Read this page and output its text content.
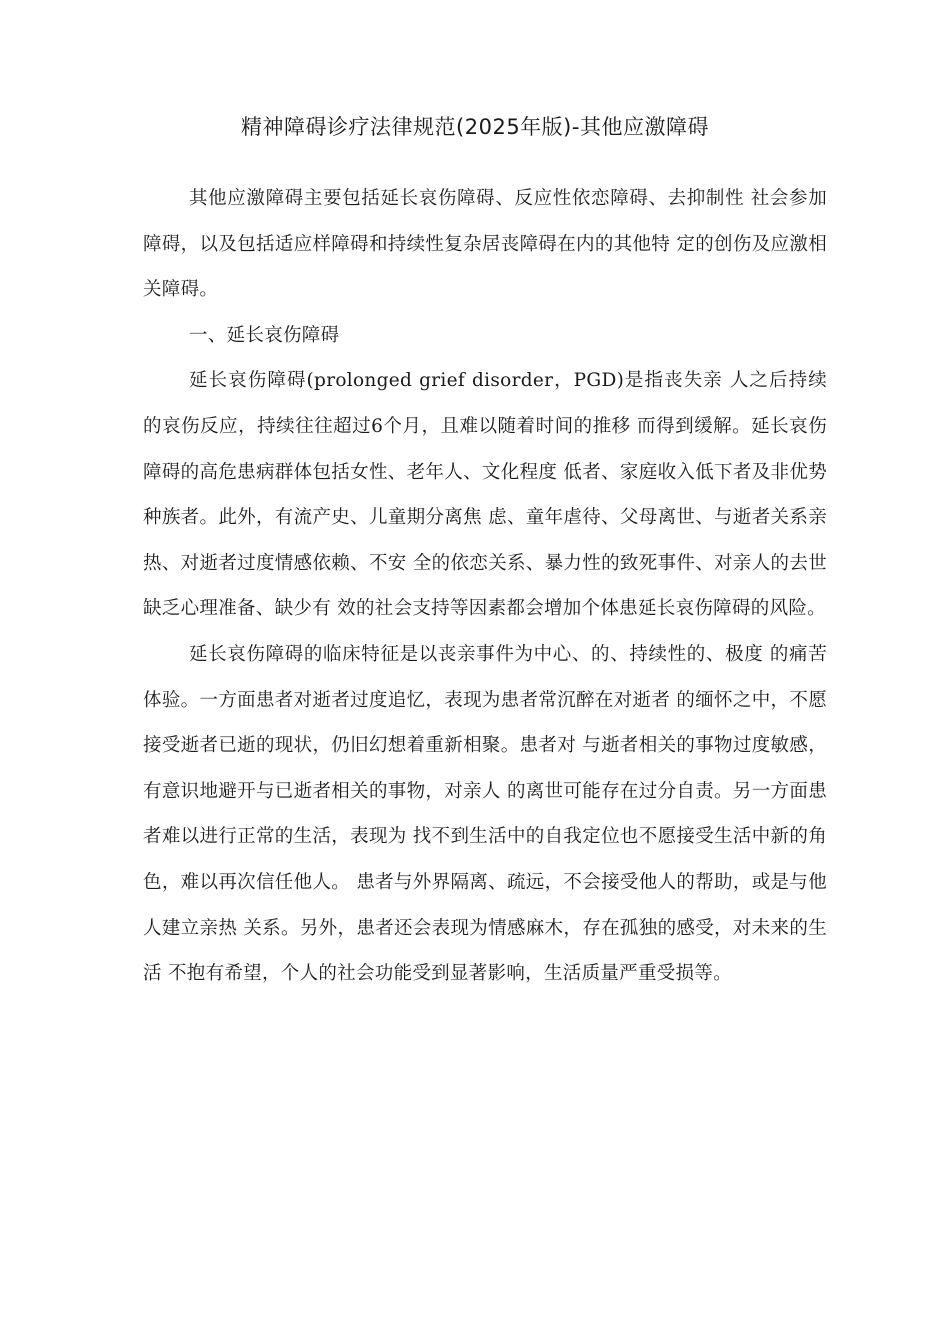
精神障碍诊疗法律规范(2025年版)-其他应激障碍

其他应激障碍主要包括延长哀伤障碍、反应性依恋障碍、去抑制性 社会参加障碍，以及包括适应样障碍和持续性复杂居丧障碍在内的其他特 定的创伤及应激相关障碍。

一、延长哀伤障碍

延长哀伤障碍(prolonged grief disorder，PGD)是指丧失亲 人之后持续的哀伤反应，持续往往超过6个月，且难以随着时间的推移 而得到缓解。延长哀伤障碍的高危患病群体包括女性、老年人、文化程度 低者、家庭收入低下者及非优势种族者。此外，有流产史、儿童期分离焦 虑、童年虐待、父母离世、与逝者关系亲热、对逝者过度情感依赖、不安 全的依恋关系、暴力性的致死事件、对亲人的去世缺乏心理准备、缺少有 效的社会支持等因素都会增加个体患延长哀伤障碍的风险。

延长哀伤障碍的临床特征是以丧亲事件为中心、的、持续性的、极度 的痛苦体验。一方面患者对逝者过度追忆，表现为患者常沉醉在对逝者 的缅怀之中，不愿接受逝者已逝的现状，仍旧幻想着重新相聚。患者对 与逝者相关的事物过度敏感，有意识地避开与已逝者相关的事物，对亲人 的离世可能存在过分自责。另一方面患者难以进行正常的生活，表现为 找不到生活中的自我定位也不愿接受生活中新的角色，难以再次信任他人。 患者与外界隔离、疏远，不会接受他人的帮助，或是与他人建立亲热 关系。另外，患者还会表现为情感麻木，存在孤独的感受，对未来的生活 不抱有希望，个人的社会功能受到显著影响，生活质量严重受损等。
